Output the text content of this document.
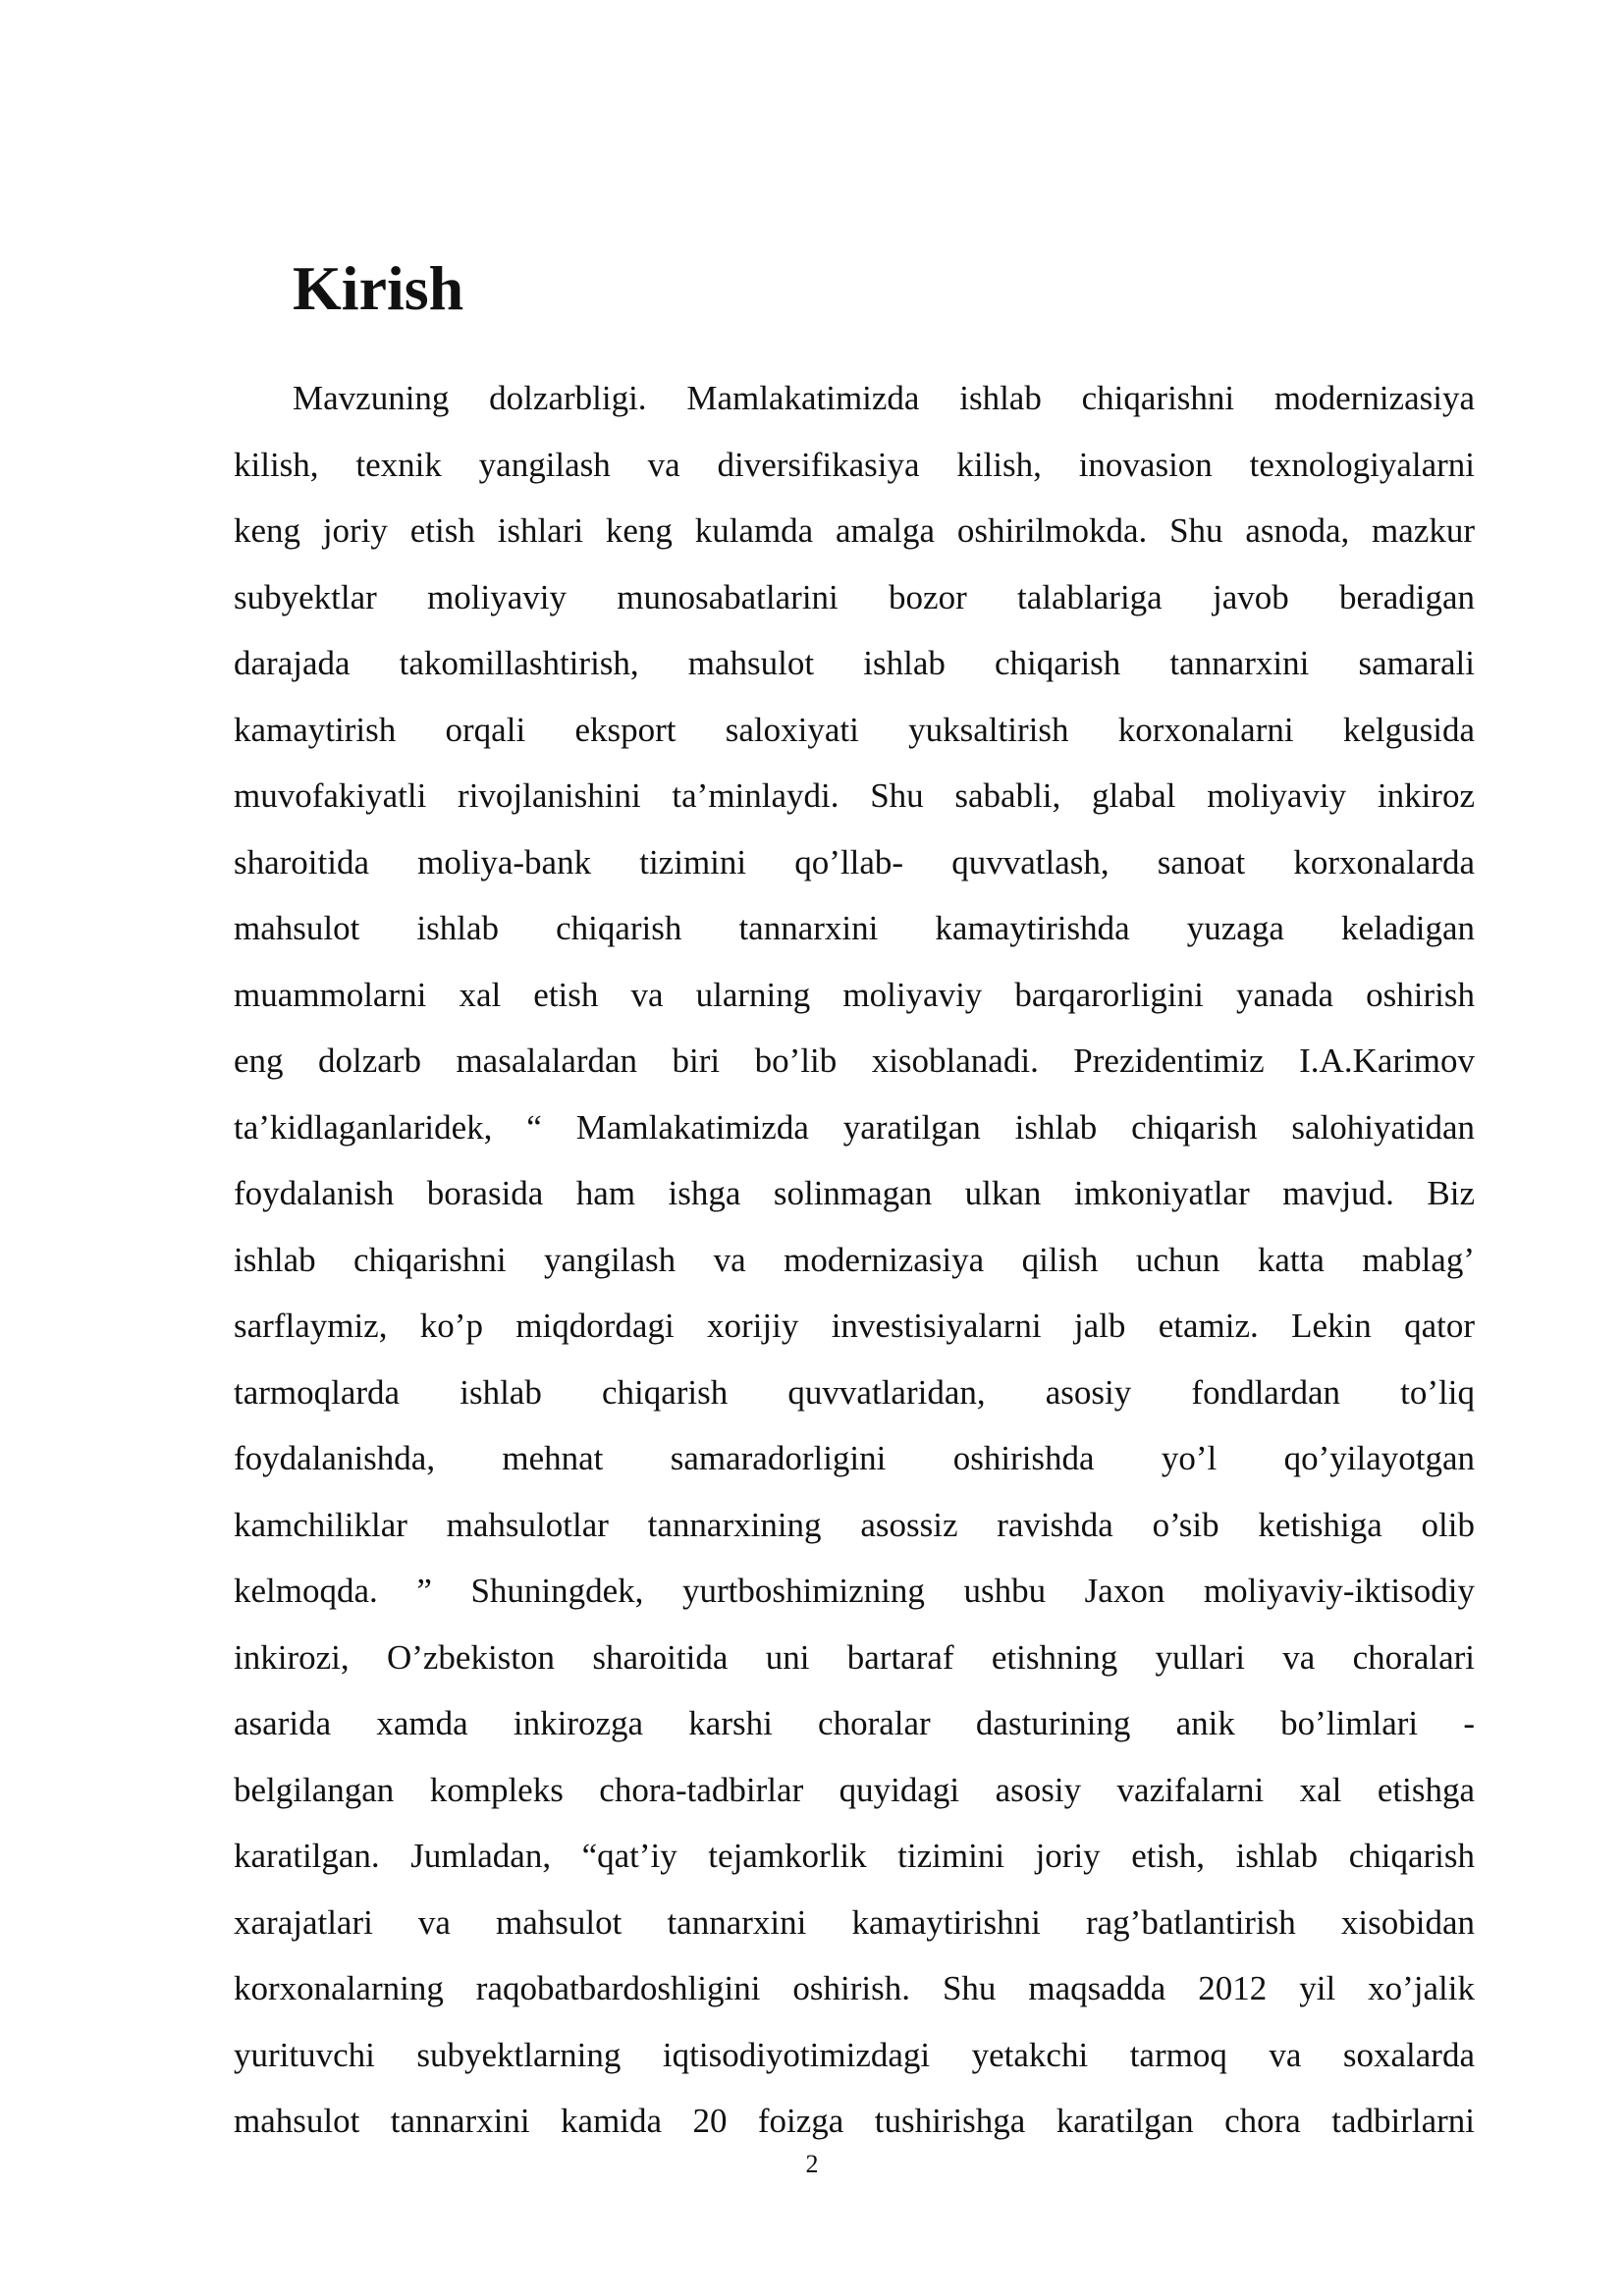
Kirish
Mavzuning dolzarbligi. Mamlakatimizda ishlab chiqarishni modernizasiya
kilish, texnik yangilash va diversifikasiya kilish, inovasion texnologiyalarni
keng joriy etish ishlari keng kulamda amalga oshirilmokda. Shu asnoda, mazkur
subyektlar moliyaviy munosabatlarini bozor talablariga javob beradigan
darajada takomillashtirish, mahsulot ishlab chiqarish tannarxini samarali
kamaytirish orqali eksport saloxiyati yuksaltirish korxonalarni kelgusida
muvofakiyatli rivojlanishini ta’minlaydi. Shu sababli, glabal moliyaviy inkiroz
sharoitida moliya-bank tizimini qo’llab- quvvatlash, sanoat korxonalarda
mahsulot ishlab chiqarish tannarxini kamaytirishda yuzaga keladigan
muammolarni xal etish va ularning moliyaviy barqarorligini yanada oshirish
eng dolzarb masalalardan biri bo’lib xisoblanadi. Prezidentimiz I.A.Karimov
ta’kidlaganlaridek, “ Mamlakatimizda yaratilgan ishlab chiqarish salohiyatidan
foydalanish borasida ham ishga solinmagan ulkan imkoniyatlar mavjud. Biz
ishlab chiqarishni yangilash va modernizasiya qilish uchun katta mablag’
sarflaymiz, ko’p miqdordagi xorijiy investisiyalarni jalb etamiz. Lekin qator
tarmoqlarda ishlab chiqarish quvvatlaridan, asosiy fondlardan to’liq
foydalanishda, mehnat samaradorligini oshirishda yo’l qo’yilayotgan
kamchiliklar mahsulotlar tannarxining asossiz ravishda o’sib ketishiga olib
kelmoqda. ” Shuningdek, yurtboshimizning ushbu Jaxon moliyaviy-iktisodiy
inkirozi, O’zbekiston sharoitida uni bartaraf etishning yullari va choralari
asarida xamda inkirozga karshi choralar dasturining anik bo’limlari -
belgilangan kompleks chora-tadbirlar quyidagi asosiy vazifalarni xal etishga
karatilgan. Jumladan, “qat’iy tejamkorlik tizimini joriy etish, ishlab chiqarish
xarajatlari va mahsulot tannarxini kamaytirishni rag’batlantirish xisobidan
korxonalarning raqobatbardoshligini oshirish. Shu maqsadda 2012 yil xo’jalik
yurituvchi subyektlarning iqtisodiyotimizdagi yetakchi tarmoq va soxalarda
mahsulot tannarxini kamida 20 foizga tushirishga karatilgan chora tadbirlarni
2
